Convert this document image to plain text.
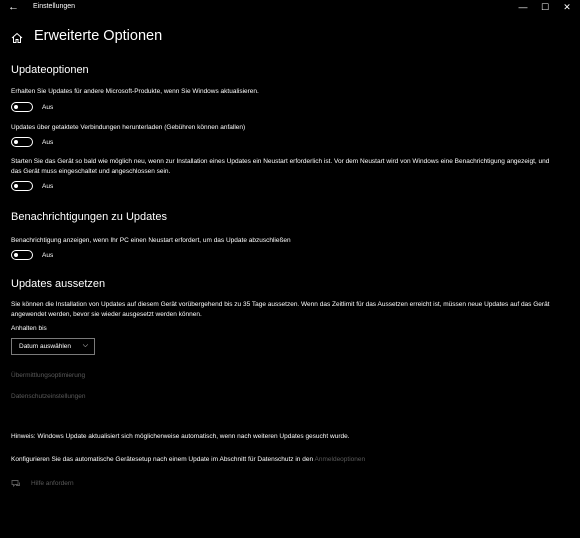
← Einstellungen	—	☐	✕
Erweiterte Optionen
Updateoptionen
Erhalten Sie Updates für andere Microsoft-Produkte, wenn Sie Windows aktualisieren.
Aus
Updates über getaktete Verbindungen herunterladen (Gebühren können anfallen)
Aus
Starten Sie das Gerät so bald wie möglich neu, wenn zur Installation eines Updates ein Neustart erforderlich ist. Vor dem Neustart wird von Windows eine Benachrichtigung angezeigt, und das Gerät muss eingeschaltet und angeschlossen sein.
Aus
Benachrichtigungen zu Updates
Benachrichtigung anzeigen, wenn Ihr PC einen Neustart erfordert, um das Update abzuschließen
Aus
Updates aussetzen
Sie können die Installation von Updates auf diesem Gerät vorübergehend bis zu 35 Tage aussetzen. Wenn das Zeitlimit für das Aussetzen erreicht ist, müssen neue Updates auf das Gerät angewendet werden, bevor sie wieder ausgesetzt werden können.
Anhalten bis
Datum auswählen ⌵
Übermittlungsoptimierung
Datenschutzeinstellungen
Hinweis: Windows Update aktualisiert sich möglicherweise automatisch, wenn nach weiteren Updates gesucht wurde.
Konfigurieren Sie das automatische Gerätesetup nach einem Update im Abschnitt für Datenschutz in den Anmeldeoptionen
Hilfe anfordern
